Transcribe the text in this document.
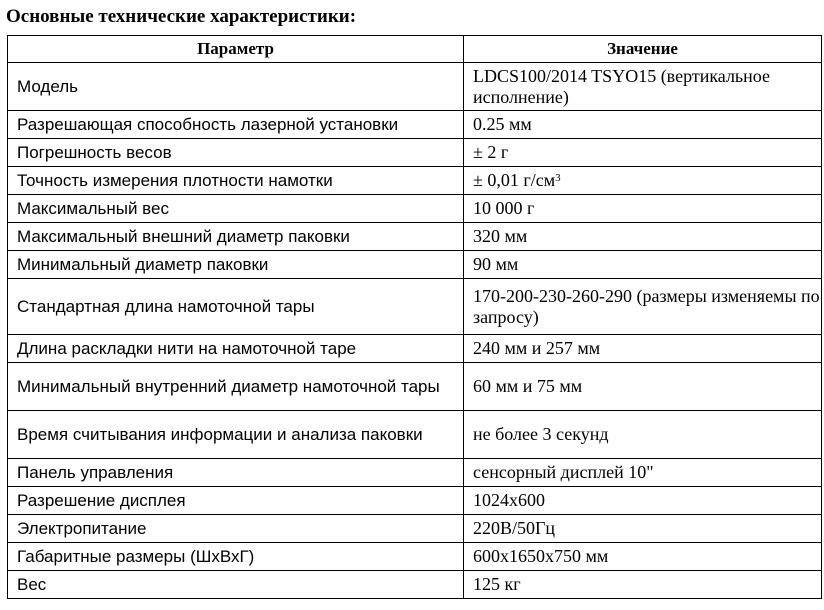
Основные технические характеристики:
Параметр	Значение
Модель	LDCS100/2014 TSYO15 (вертикальное исполнение)
Разрешающая способность лазерной установки	0.25 мм
Погрешность весов	± 2 г
Точность измерения плотности намотки	± 0,01 $г/см^3$
Максимальный вес	10 000 г
Максимальный внешний диаметр паковки	320 мм
Минимальный диаметр паковки	90 мм
Стандартная длина намоточной тары	170-200-230-260-290 (размеры изменяемы по запросу)
Длина раскладки нити на намоточной таре	240 мм и 257 мм
Минимальный внутренний диаметр намоточной тары	60 мм и 75 мм
Время считывания информации и анализа паковки	не более 3 секунд
Панель управления	сенсорный дисплей 10"
Разрешение дисплея	1024x600
Электропитание	220В/50Гц
Габаритные размеры (ШхВхГ)	600x1650x750 мм
Вес	125 кг
